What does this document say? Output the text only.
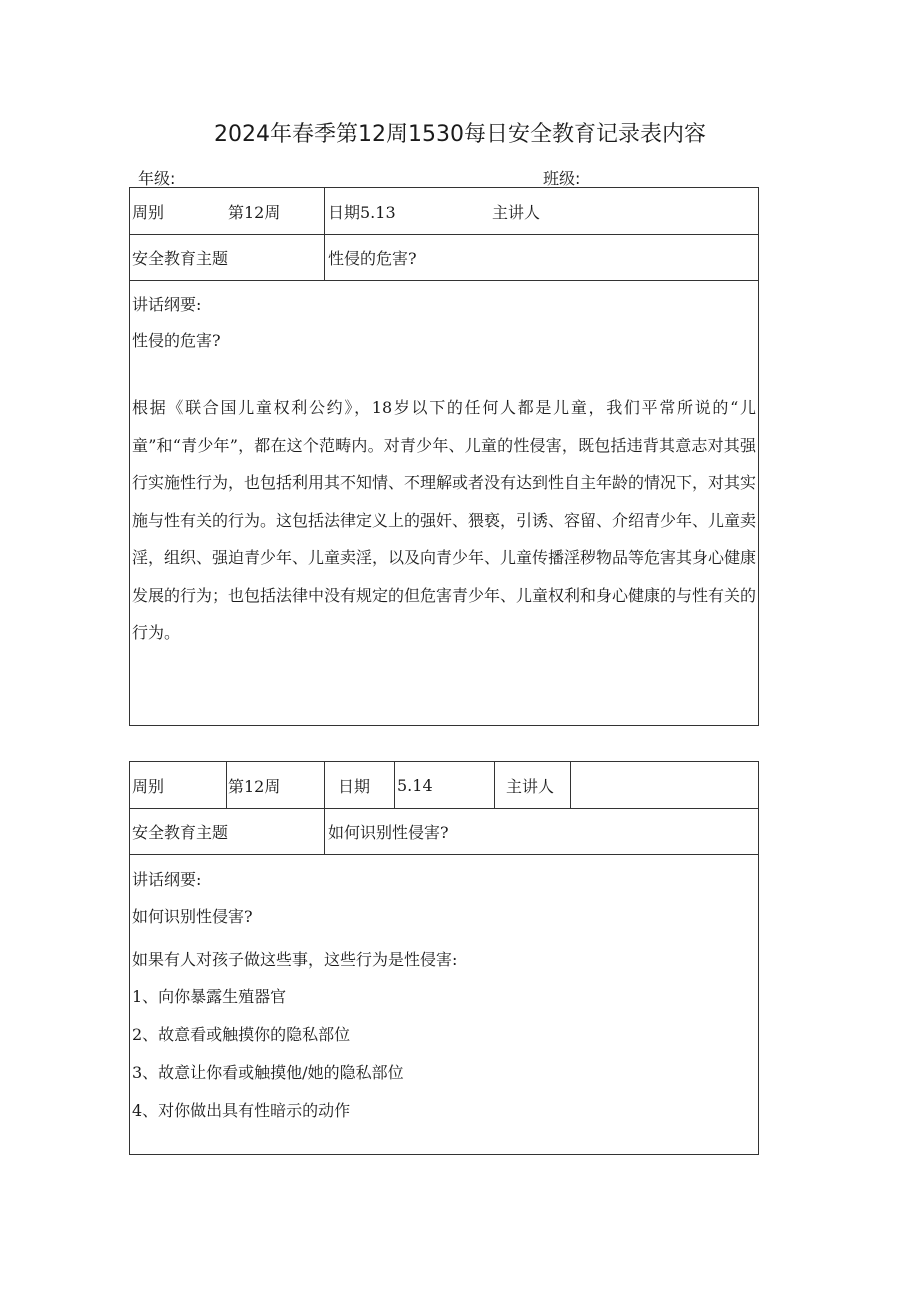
2024年春季第12周1530每日安全教育记录表内容
年级:	班级:
周别	第12周	日期5.13	主讲人
安全教育主题	性侵的危害?

讲话纲要:

性侵的危害?

根据《联合国儿童权利公约》，18岁以下的任何人都是儿童，我们平常所说的“儿童”和“青少年”，都在这个范畴内。对青少年、儿童的性侵害，既包括违背其意志对其强行实施性行为，也包括利用其不知情、不理解或者没有达到性自主年龄的情况下，对其实施与性有关的行为。这包括法律定义上的强奸、猥亵，引诱、容留、介绍青少年、儿童卖淫，组织、强迫青少年、儿童卖淫，以及向青少年、儿童传播淫秽物品等危害其身心健康发展的行为；也包括法律中没有规定的但危害青少年、儿童权利和身心健康的与性有关的行为。

周别	第12周	日期 5.14	主讲人
安全教育主题	如何识别性侵害?

讲话纲要:

如何识别性侵害?

如果有人对孩子做这些事，这些行为是性侵害:

1、向你暴露生殖器官

2、故意看或触摸你的隐私部位

3、故意让你看或触摸他/她的隐私部位

4、对你做出具有性暗示的动作
